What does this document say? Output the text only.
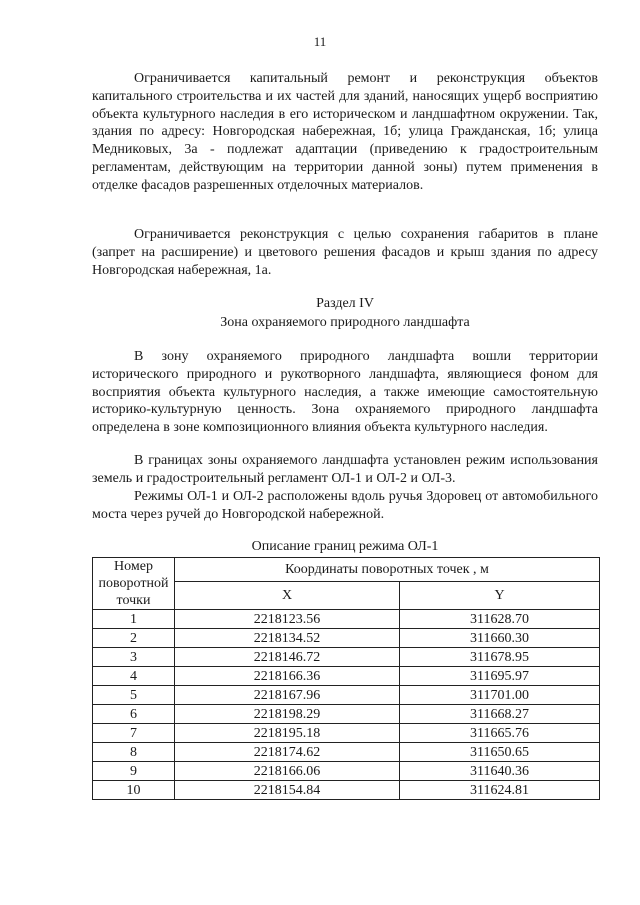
11

Ограничивается капитальный ремонт и реконструкция объектов капитального строительства и их частей для зданий, наносящих ущерб восприятию объекта культурного наследия в его историческом и ландшафтном окружении. Так, здания по адресу: Новгородская набережная, 1б; улица Гражданская, 1б; улица Медниковых, 3а - подлежат адаптации (приведению к градостроительным регламентам, действующим на территории данной зоны) путем применения в отделке фасадов разрешенных отделочных материалов.

Ограничивается реконструкция с целью сохранения габаритов в плане (запрет на расширение) и цветового решения фасадов и крыш здания по адресу Новгородская набережная, 1а.

Раздел IV
Зона охраняемого природного ландшафта

В зону охраняемого природного ландшафта вошли территории исторического природного и рукотворного ландшафта, являющиеся фоном для восприятия объекта культурного наследия, а также имеющие самостоятельную историко-культурную ценность. Зона охраняемого природного ландшафта определена в зоне композиционного влияния объекта культурного наследия.

В границах зоны охраняемого ландшафта установлен режим использования земель и градостроительный регламент ОЛ-1 и ОЛ-2 и ОЛ-3.

Режимы ОЛ-1 и ОЛ-2 расположены вдоль ручья Здоровец от автомобильного моста через ручей до Новгородской набережной.

Описание границ режима ОЛ-1
Номер поворотной точки	Координаты поворотных точек , м	
	X	Y
1	2218123.56	311628.70
2	2218134.52	311660.30
3	2218146.72	311678.95
4	2218166.36	311695.97
5	2218167.96	311701.00
6	2218198.29	311668.27
7	2218195.18	311665.76
8	2218174.62	311650.65
9	2218166.06	311640.36
10	2218154.84	311624.81
